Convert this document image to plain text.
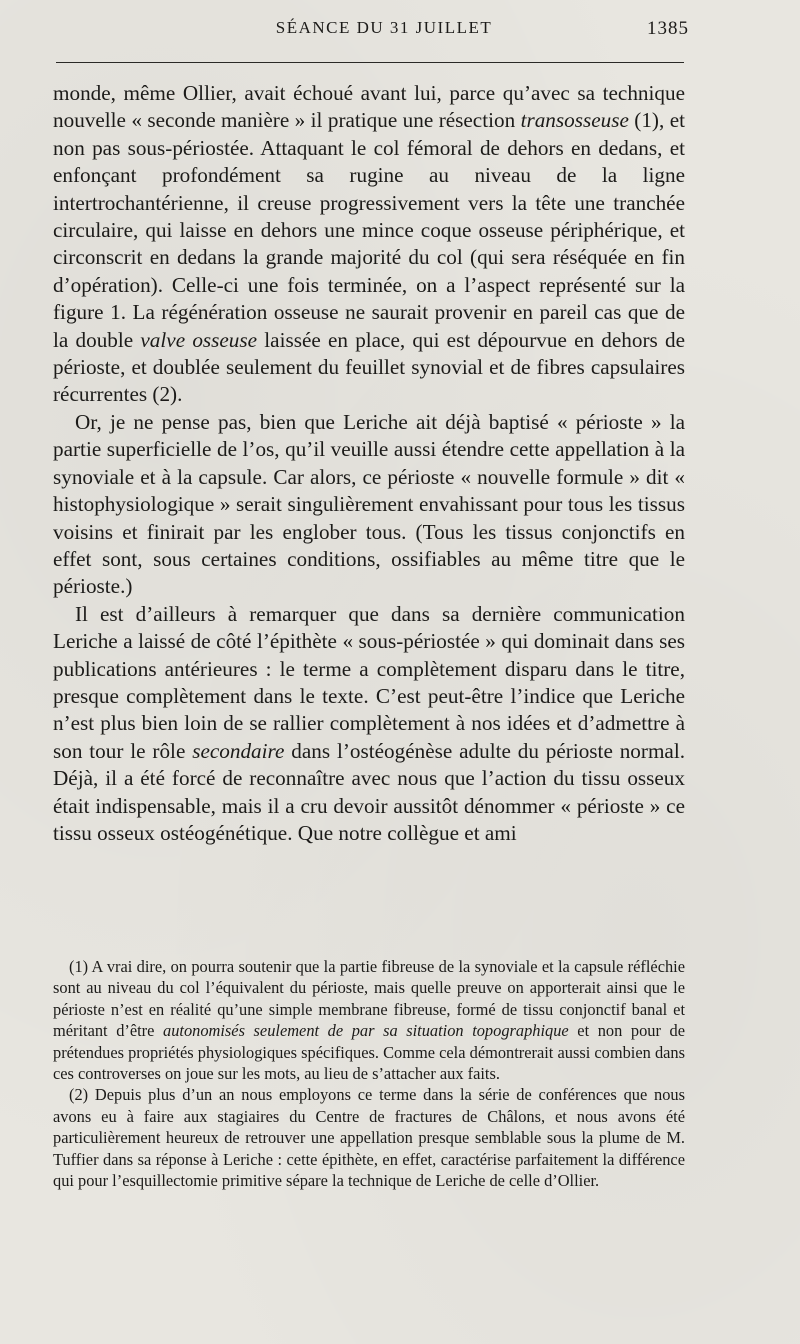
SÉANCE DU 31 JUILLET	1385

monde, même Ollier, avait échoué avant lui, parce qu’avec sa technique nouvelle « seconde manière » il pratique une résection transosseuse (1), et non pas sous-périostée. Attaquant le col fémoral de dehors en dedans, et enfonçant profondément sa rugine au niveau de la ligne intertrochantérienne, il creuse progressivement vers la tête une tranchée circulaire, qui laisse en dehors une mince coque osseuse périphérique, et circonscrit en dedans la grande majorité du col (qui sera réséquée en fin d’opération). Celle-ci une fois terminée, on a l’aspect représenté sur la figure 1. La régénération osseuse ne saurait provenir en pareil cas que de la double valve osseuse laissée en place, qui est dépourvue en dehors de périoste, et doublée seulement du feuillet synovial et de fibres capsulaires récurrentes (2).

Or, je ne pense pas, bien que Leriche ait déjà baptisé « périoste » la partie superficielle de l’os, qu’il veuille aussi étendre cette appellation à la synoviale et à la capsule. Car alors, ce périoste « nouvelle formule » dit « histophysiologique » serait singulièrement envahissant pour tous les tissus voisins et finirait par les englober tous. (Tous les tissus conjonctifs en effet sont, sous certaines conditions, ossifiables au même titre que le périoste.)

Il est d’ailleurs à remarquer que dans sa dernière communication Leriche a laissé de côté l’épithète « sous-périostée » qui dominait dans ses publications antérieures : le terme a complètement disparu dans le titre, presque complètement dans le texte. C’est peut-être l’indice que Leriche n’est plus bien loin de se rallier complètement à nos idées et d’admettre à son tour le rôle secondaire dans l’ostéogénèse adulte du périoste normal. Déjà, il a été forcé de reconnaître avec nous que l’action du tissu osseux était indispensable, mais il a cru devoir aussitôt dénommer « périoste » ce tissu osseux ostéogénétique. Que notre collègue et ami

(1) A vrai dire, on pourra soutenir que la partie fibreuse de la synoviale et la capsule réfléchie sont au niveau du col l’équivalent du périoste, mais quelle preuve on apporterait ainsi que le périoste n’est en réalité qu’une simple membrane fibreuse, formé de tissu conjonctif banal et méritant d’être autonomisés seulement de par sa situation topographique et non pour de prétendues propriétés physiologiques spécifiques. Comme cela démontrerait aussi combien dans ces controverses on joue sur les mots, au lieu de s’attacher aux faits.

(2) Depuis plus d’un an nous employons ce terme dans la série de conférences que nous avons eu à faire aux stagiaires du Centre de fractures de Châlons, et nous avons été particulièrement heureux de retrouver une appellation presque semblable sous la plume de M. Tuffier dans sa réponse à Leriche : cette épithète, en effet, caractérise parfaitement la différence qui pour l’esquillectomie primitive sépare la technique de Leriche de celle d’Ollier.
